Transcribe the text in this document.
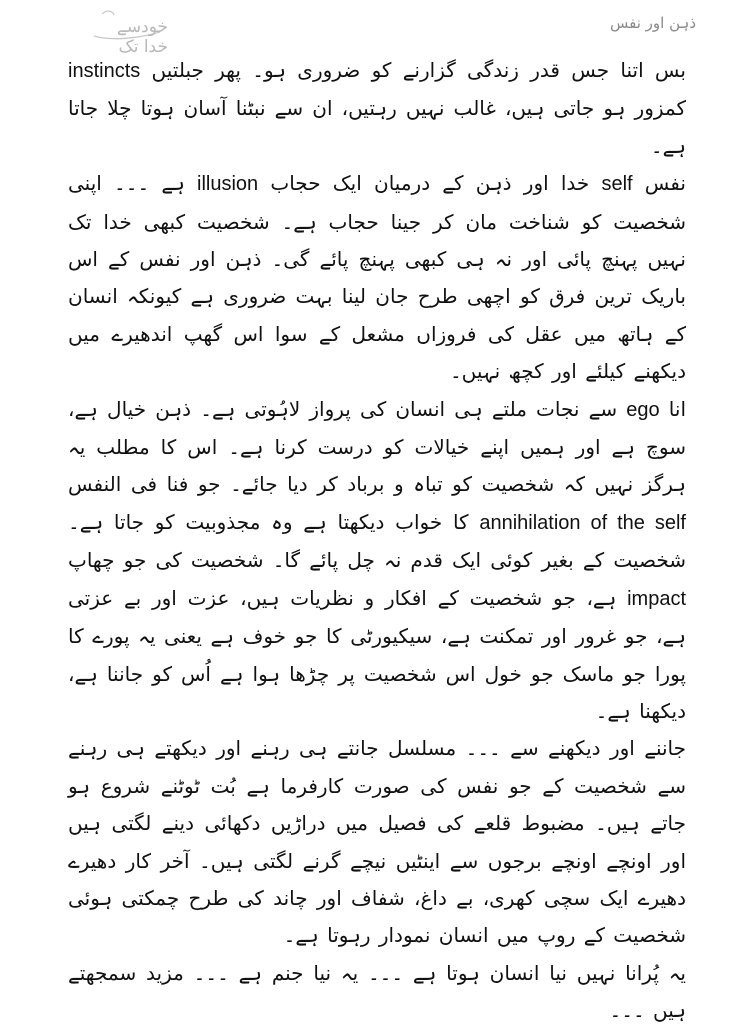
خودسے خدا تک
ذہن اور نفس

بس اتنا جس قدر زندگی گزارنے کو ضروری ہو۔ پھر جبلتیں instincts کمزور ہو جاتی ہیں، غالب نہیں رہتیں، ان سے نبٹنا آسان ہوتا چلا جاتا ہے۔

نفس self خدا اور ذہن کے درمیان ایک حجاب illusion ہے ۔۔۔ اپنی شخصیت کو شناخت مان کر جینا حجاب ہے۔ شخصیت کبھی خدا تک نہیں پہنچ پائی اور نہ ہی کبھی پہنچ پائے گی۔ ذہن اور نفس کے اس باریک ترین فرق کو اچھی طرح جان لینا بہت ضروری ہے کیونکہ انسان کے ہاتھ میں عقل کی فروزاں مشعل کے سوا اس گھپ اندھیرے میں دیکھنے کیلئے اور کچھ نہیں۔

انا ego سے نجات ملتے ہی انسان کی پرواز لاہُوتی ہے۔ ذہن خیال ہے، سوچ ہے اور ہمیں اپنے خیالات کو درست کرنا ہے۔ اس کا مطلب یہ ہرگز نہیں کہ شخصیت کو تباہ و برباد کر دیا جائے۔ جو فنا فی النفس annihilation of the self کا خواب دیکھتا ہے وہ مجذوبیت کو جاتا ہے۔ شخصیت کے بغیر کوئی ایک قدم نہ چل پائے گا۔ شخصیت کی جو چھاپ impact ہے، جو شخصیت کے افکار و نظریات ہیں، عزت اور بے عزتی ہے، جو غرور اور تمکنت ہے، سیکیورٹی کا جو خوف ہے یعنی یہ پورے کا پورا جو ماسک جو خول اس شخصیت پر چڑھا ہوا ہے اُس کو جاننا ہے، دیکھنا ہے۔

جاننے اور دیکھنے سے ۔۔۔ مسلسل جانتے ہی رہنے اور دیکھتے ہی رہنے سے شخصیت کے جو نفس کی صورت کارفرما ہے بُت ٹوٹنے شروع ہو جاتے ہیں۔ مضبوط قلعے کی فصیل میں دراڑیں دکھائی دینے لگتی ہیں اور اونچے اونچے برجوں سے اینٹیں نیچے گرنے لگتی ہیں۔ آخر کار دھیرے دھیرے ایک سچی کھری، بے داغ، شفاف اور چاند کی طرح چمکتی ہوئی شخصیت کے روپ میں انسان نمودار رہوتا ہے۔

یہ پُرانا نہیں نیا انسان ہوتا ہے ۔۔۔ یہ نیا جنم ہے ۔۔۔ مزید سمجھتے ہیں ۔۔۔
